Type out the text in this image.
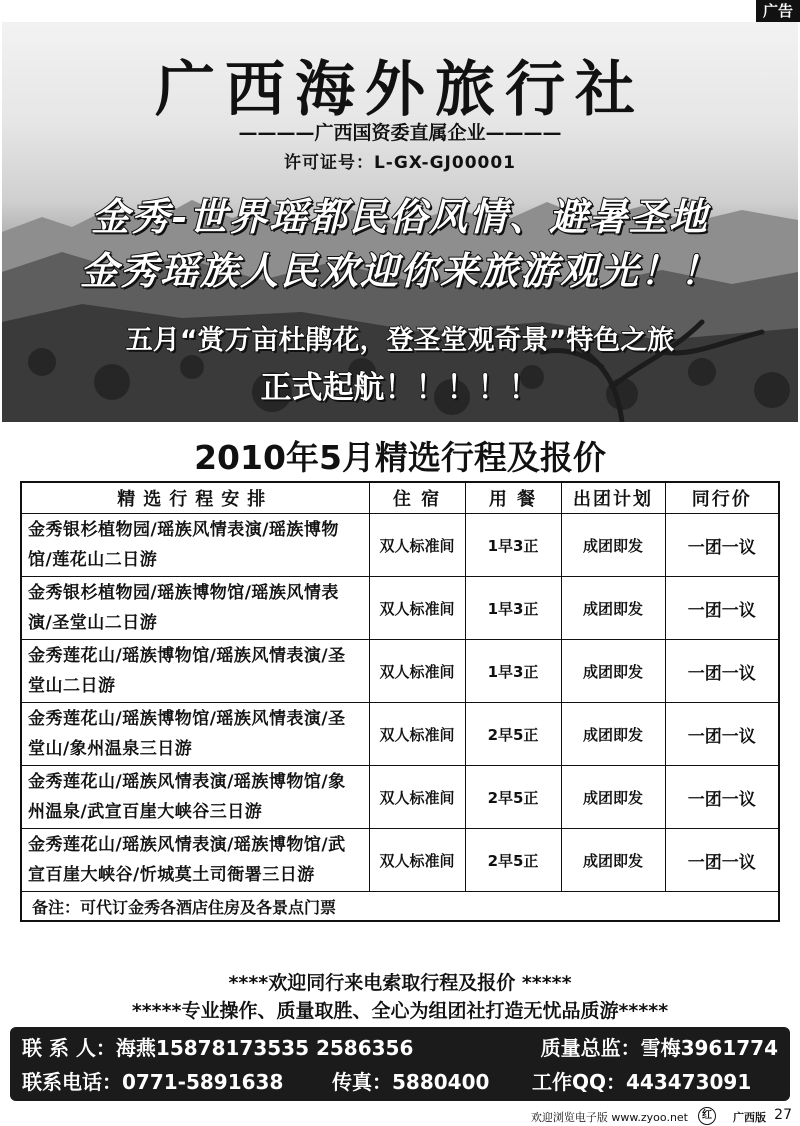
广告
广西海外旅行社
————广西国资委直属企业————
许可证号：L-GX-GJ00001
金秀-世界瑶都民俗风情、避暑圣地
金秀瑶族人民欢迎你来旅游观光！！
五月“赏万亩杜鹃花，登圣堂观奇景”特色之旅
正式起航！！！！！
2010年5月精选行程及报价
精选行程安排	住 宿	用 餐	出团计划	同行价
金秀银杉植物园/瑶族风情表演/瑶族博物馆/莲花山二日游	双人标准间	1早3正	成团即发	一团一议
金秀银杉植物园/瑶族博物馆/瑶族风情表演/圣堂山二日游	双人标准间	1早3正	成团即发	一团一议
金秀莲花山/瑶族博物馆/瑶族风情表演/圣堂山二日游	双人标准间	1早3正	成团即发	一团一议
金秀莲花山/瑶族博物馆/瑶族风情表演/圣堂山/象州温泉三日游	双人标准间	2早5正	成团即发	一团一议
金秀莲花山/瑶族风情表演/瑶族博物馆/象州温泉/武宣百崖大峡谷三日游	双人标准间	2早5正	成团即发	一团一议
金秀莲花山/瑶族风情表演/瑶族博物馆/武宣百崖大峡谷/忻城莫土司衙署三日游	双人标准间	2早5正	成团即发	一团一议
备注：可代订金秀各酒店住房及各景点门票				
****欢迎同行来电索取行程及报价 *****
*****专业操作、质量取胜、全心为组团社打造无忧品质游*****
联 系 人：海燕15878173535 2586356	质量总监：雪梅3961774
联系电话：0771-5891638 传真：5880400 工作QQ：443473091
欢迎浏览电子版 www.zyoo.net	红	广西版 27
